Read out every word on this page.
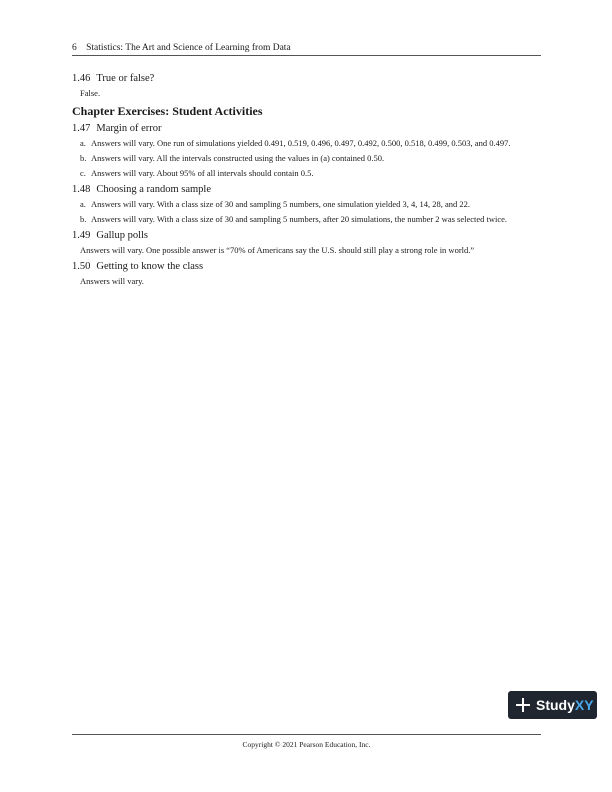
6 Statistics: The Art and Science of Learning from Data
1.46 True or false?
False.
Chapter Exercises: Student Activities
1.47 Margin of error
a. Answers will vary. One run of simulations yielded 0.491, 0.519, 0.496, 0.497, 0.492, 0.500, 0.518, 0.499, 0.503, and 0.497.
b. Answers will vary. All the intervals constructed using the values in (a) contained 0.50.
c. Answers will vary. About 95% of all intervals should contain 0.5.
1.48 Choosing a random sample
a. Answers will vary. With a class size of 30 and sampling 5 numbers, one simulation yielded 3, 4, 14, 28, and 22.
b. Answers will vary. With a class size of 30 and sampling 5 numbers, after 20 simulations, the number 2 was selected twice.
1.49 Gallup polls
Answers will vary. One possible answer is “70% of Americans say the U.S. should still play a strong role in world.”
1.50 Getting to know the class
Answers will vary.
Study XY
Copyright © 2021 Pearson Education, Inc.
